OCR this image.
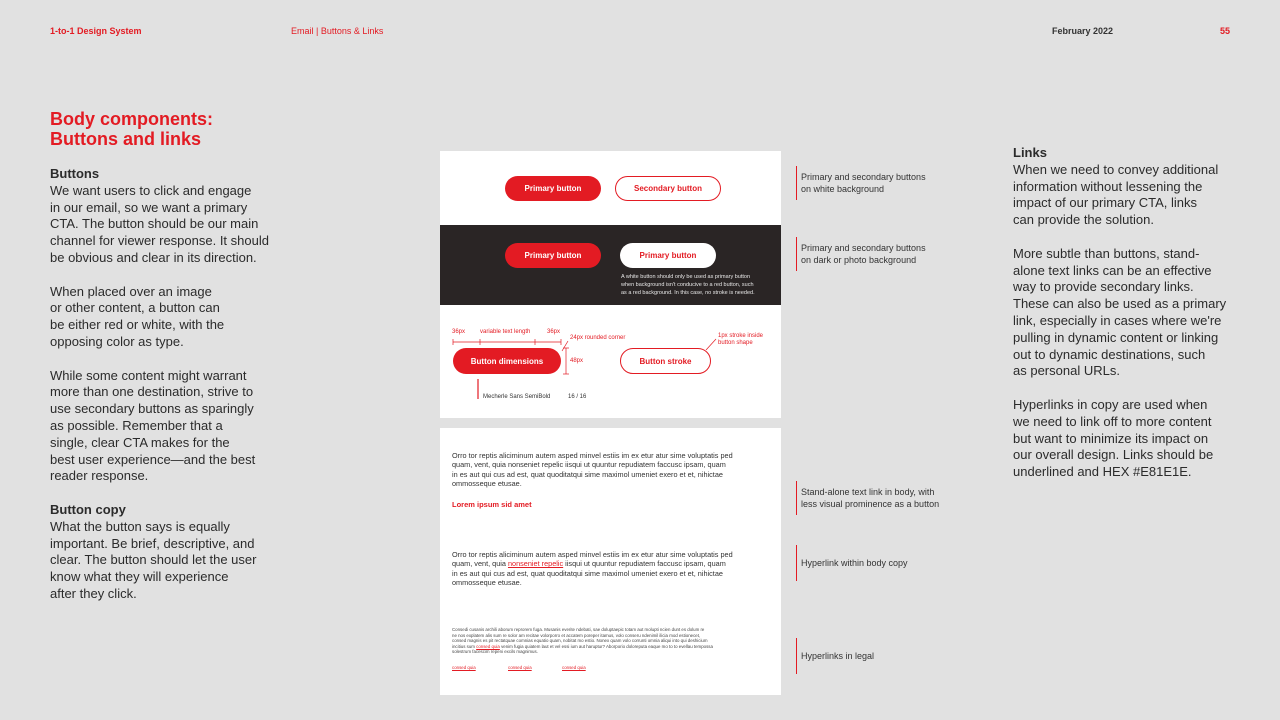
1-to-1 Design System	Email | Buttons & Links	February 2022	55
Body components:
Buttons and links
Buttons

We want users to click and engage
in our email, so we want a primary
CTA. The button should be our main
channel for viewer response. It should
be obvious and clear in its direction.

When placed over an image
or other content, a button can
be either red or white, with the
opposing color as type.

While some content might warrant
more than one destination, strive to
use secondary buttons as sparingly
as possible. Remember that a
single, clear CTA makes for the
best user experience—and the best
reader response.

Button copy

What the button says is equally
important. Be brief, descriptive, and
clear. The button should let the user
know what they will experience
after they click.

Primary button	Secondary button
Primary button	Primary button
A white button should only be used as primary button
when background isn't conducive to a red button, such
as a red background. In this case, no stroke is needed.
36px variable text length	36px
24px rounded corner
48px
1px stroke inside
button shape
Button dimensions	Button stroke
Mecherle Sans SemiBold	16 / 16
Orro tor reptis aliciminum autem asped minvel estiis im ex etur atur sime voluptatis ped
quam, vent, quia nonseniet repelic iisqui ut quuntur repudiatem faccusc ipsam, quam
in es aut qui cus ad est, quat quoditatqui sime maximol umeniet exero et et, nihictae
ommosseque etusae.
Lorem ipsum sid amet
Orro tor reptis aliciminum autem asped minvel estiis im ex etur atur sime voluptatis ped
quam, vent, quia nonseniet repelic iisqui ut quuntur repudiatem faccusc ipsam, quam
in es aut qui cus ad est, quat quoditatqui sime maximol umeniet exero et et, nihictae
ommosseque etusae.
Consedi cusanis archili aborum reprorem fuga. Musanis everite ndebati, sae doluptaepic totam aut molupti ncien dunt es dolum re
ne nos explatem alis sum re solor am recitae volorporro et accatem poreper itamus, volo conseru ndenimil ilicia mod estionecet,
consed magnis es pit rectatquae comnias equatio quam, nobitat mo estio. Nonex quam volo corrunti omnia aliqui into qui deshicium
incitius sum consed quia venim fugia quiatem laut et vel essi ium aut haruptur? Aborporio doloreputa eaque mo to to evellau tempossa
solestrum facescim repeni excils magnimus.
consed quia	consed quia	consed quia
Primary and secondary buttons
on white background
Primary and secondary buttons
on dark or photo background
Stand-alone text link in body, with
less visual prominence as a button
Hyperlink within body copy
Hyperlinks in legal
Links

When we need to convey additional
information without lessening the
impact of our primary CTA, links
can provide the solution.

More subtle than buttons, stand-
alone text links can be an effective
way to provide secondary links.
These can also be used as a primary
link, especially in cases where we're
pulling in dynamic content or linking
out to dynamic destinations, such
as personal URLs.

Hyperlinks in copy are used when
we need to link off to more content
but want to minimize its impact on
our overall design. Links should be
underlined and HEX #E81E1E.
